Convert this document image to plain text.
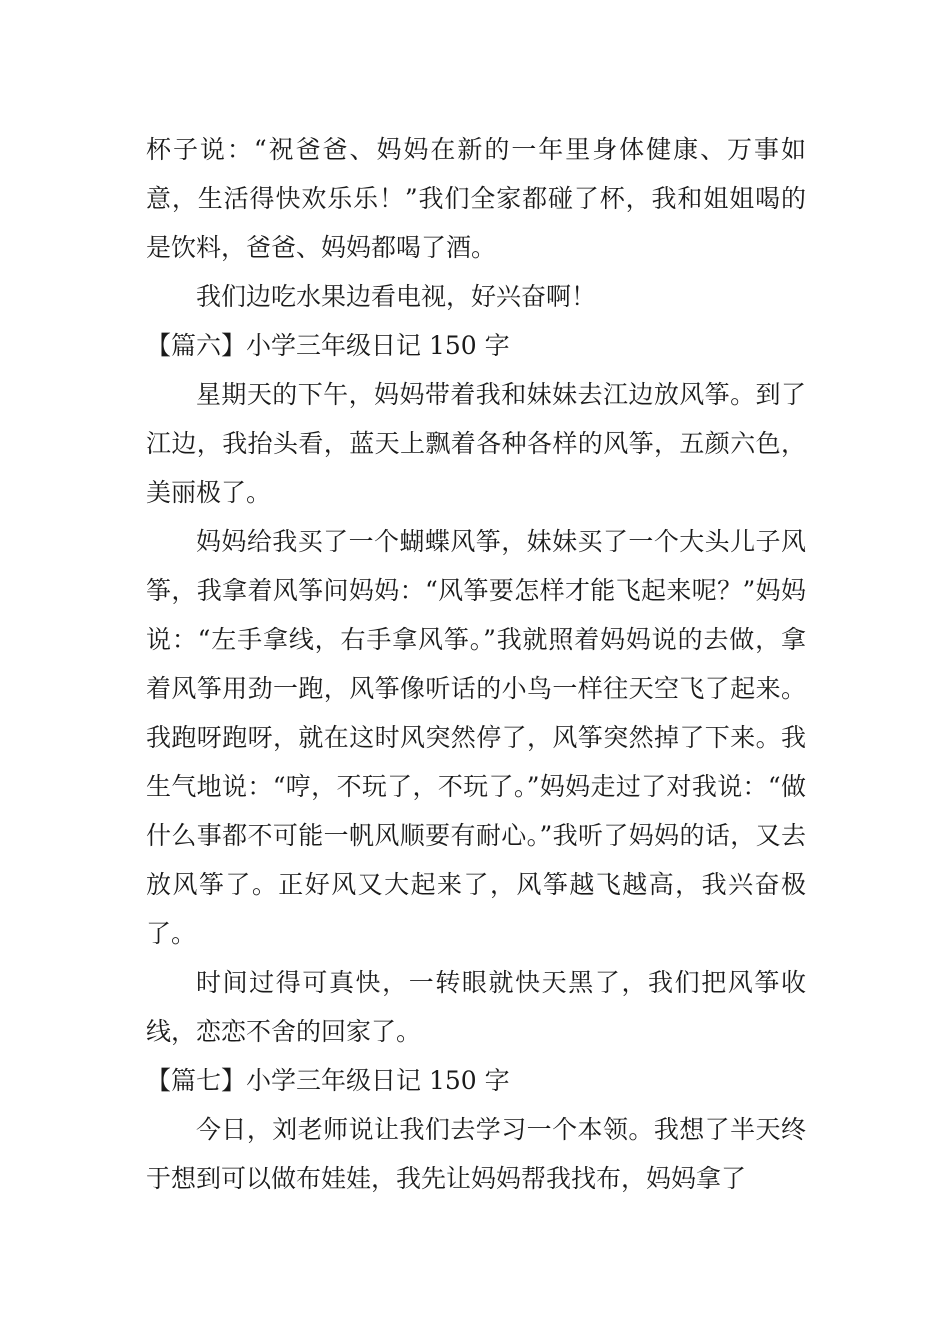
杯子说：“祝爸爸、妈妈在新的一年里身体健康、万事如意，生活得快欢乐乐！”我们全家都碰了杯，我和姐姐喝的是饮料，爸爸、妈妈都喝了酒。

我们边吃水果边看电视，好兴奋啊！

【篇六】小学三年级日记 150 字

星期天的下午，妈妈带着我和妹妹去江边放风筝。到了江边，我抬头看，蓝天上飘着各种各样的风筝，五颜六色，美丽极了。

妈妈给我买了一个蝴蝶风筝，妹妹买了一个大头儿子风筝，我拿着风筝问妈妈：“风筝要怎样才能飞起来呢？”妈妈说：“左手拿线，右手拿风筝。”我就照着妈妈说的去做，拿着风筝用劲一跑，风筝像听话的小鸟一样往天空飞了起来。我跑呀跑呀，就在这时风突然停了，风筝突然掉了下来。我生气地说：“哼，不玩了，不玩了。”妈妈走过了对我说：“做什么事都不可能一帆风顺要有耐心。”我听了妈妈的话，又去放风筝了。正好风又大起来了，风筝越飞越高，我兴奋极了。

时间过得可真快，一转眼就快天黑了，我们把风筝收线，恋恋不舍的回家了。

【篇七】小学三年级日记 150 字

今日，刘老师说让我们去学习一个本领。我想了半天终于想到可以做布娃娃，我先让妈妈帮我找布，妈妈拿了
